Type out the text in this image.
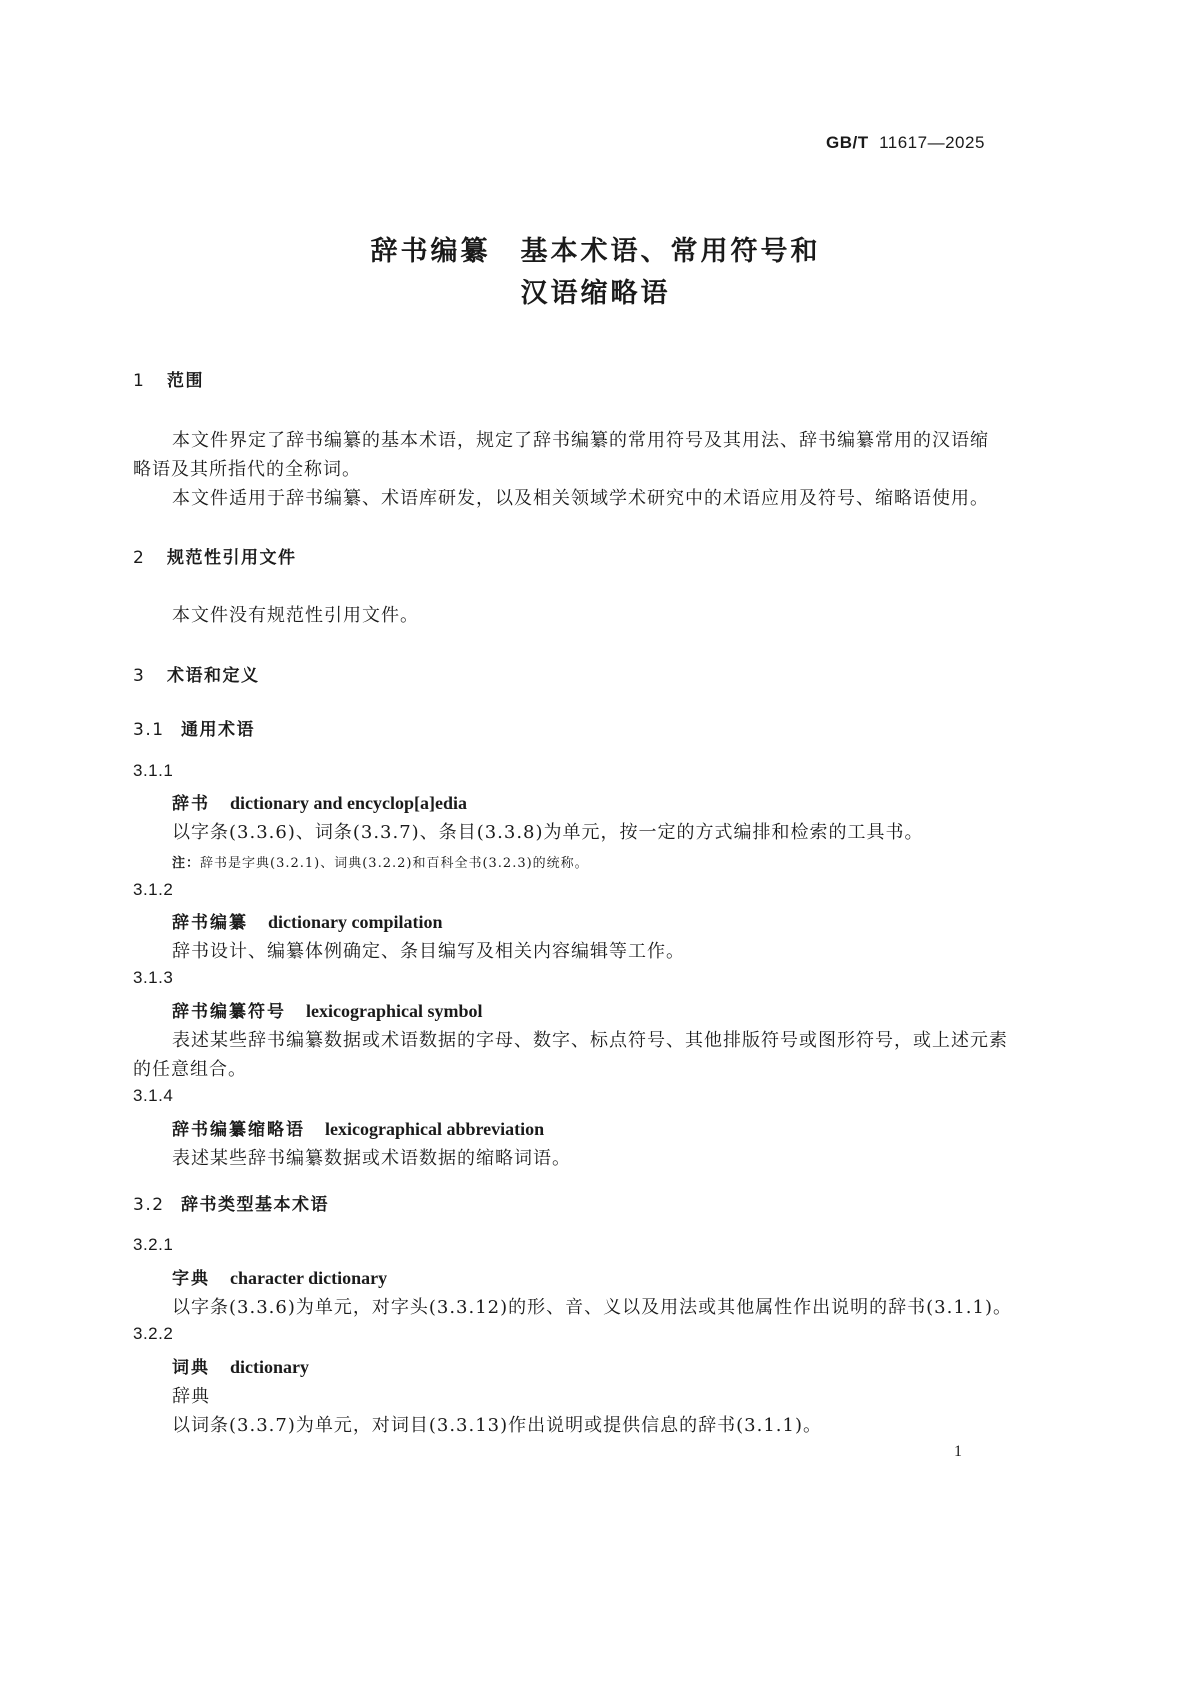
GB/T 11617—2025
辞书编纂　基本术语、常用符号和
汉语缩略语
1 范围
本文件界定了辞书编纂的基本术语，规定了辞书编纂的常用符号及其用法、辞书编纂常用的汉语缩
略语及其所指代的全称词。
本文件适用于辞书编纂、术语库研发，以及相关领域学术研究中的术语应用及符号、缩略语使用。
2 规范性引用文件
本文件没有规范性引用文件。
3 术语和定义
3.1 通用术语
3.1.1
辞书 dictionary and encyclop[a]edia
以字条(3.3.6)、词条(3.3.7)、条目(3.3.8)为单元，按一定的方式编排和检索的工具书。
注：辞书是字典(3.2.1)、词典(3.2.2)和百科全书(3.2.3)的统称。
3.1.2
辞书编纂 dictionary compilation
辞书设计、编纂体例确定、条目编写及相关内容编辑等工作。
3.1.3
辞书编纂符号 lexicographical symbol
表述某些辞书编纂数据或术语数据的字母、数字、标点符号、其他排版符号或图形符号，或上述元素
的任意组合。
3.1.4
辞书编纂缩略语 lexicographical abbreviation
表述某些辞书编纂数据或术语数据的缩略词语。
3.2 辞书类型基本术语
3.2.1
字典 character dictionary
以字条(3.3.6)为单元，对字头(3.3.12)的形、音、义以及用法或其他属性作出说明的辞书(3.1.1)。
3.2.2
词典 dictionary
辞典
以词条(3.3.7)为单元，对词目(3.3.13)作出说明或提供信息的辞书(3.1.1)。
1
